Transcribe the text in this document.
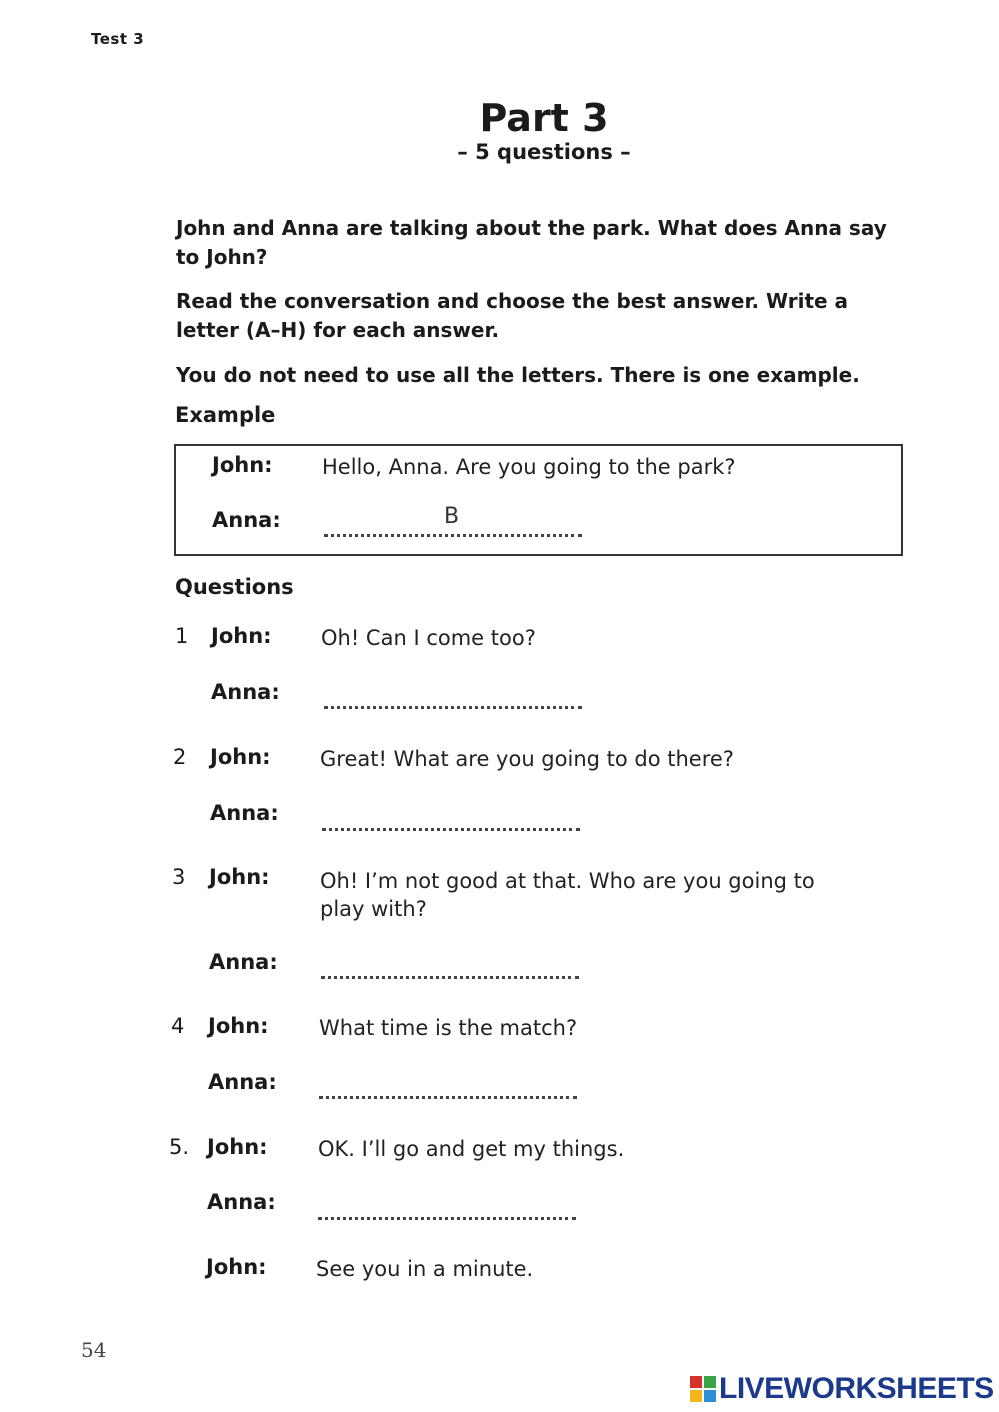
Test 3
Part 3
– 5 questions –
John and Anna are talking about the park. What does Anna say to John?
Read the conversation and choose the best answer. Write a letter (A–H) for each answer.
You do not need to use all the letters. There is one example.
Example
John: Hello, Anna. Are you going to the park?
Anna:	B
Questions
1 John: Oh! Can I come too?
Anna:
2 John: Great! What are you going to do there?
Anna:
3 John: Oh! I’m not good at that. Who are you going to play with?
Anna:
4 John: What time is the match?
Anna:
5. John: OK. I’ll go and get my things.
Anna:
John: See you in a minute.
54
LIVEWORKSHEETS
